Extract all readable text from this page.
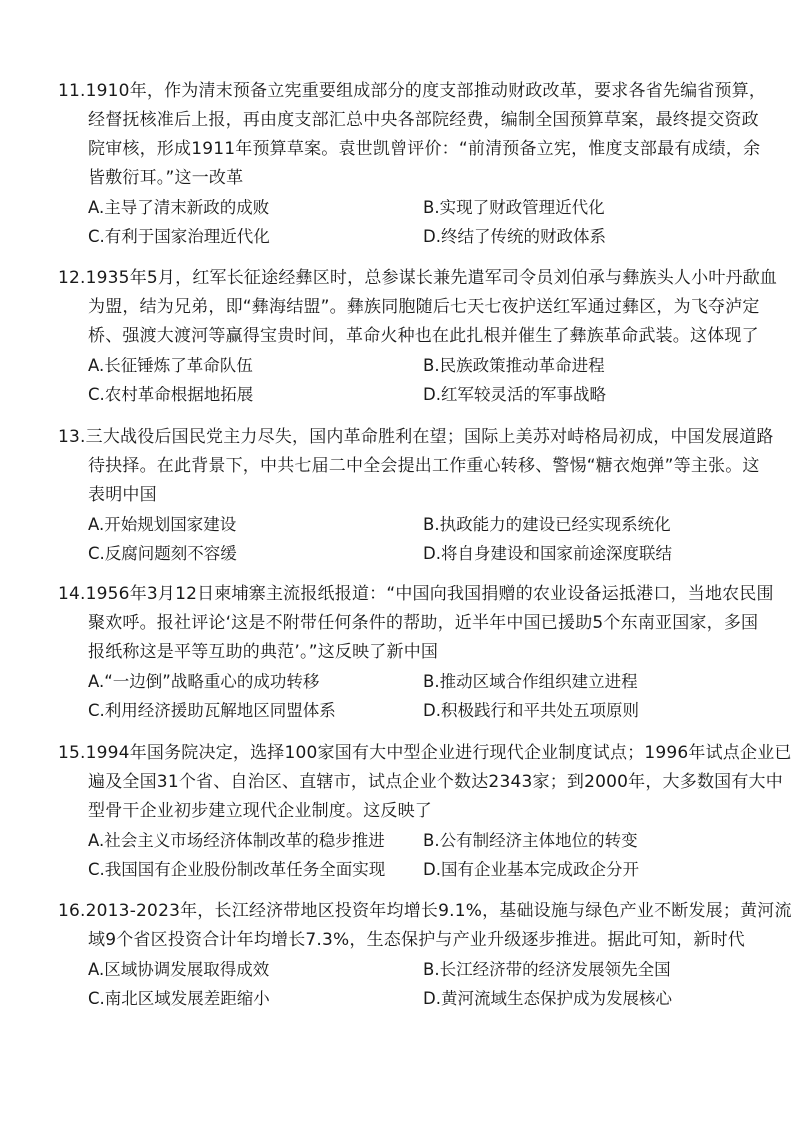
11.1910年，作为清末预备立宪重要组成部分的度支部推动财政改革，要求各省先编省预算，
经督抚核准后上报，再由度支部汇总中央各部院经费，编制全国预算草案，最终提交资政
院审核，形成1911年预算草案。袁世凯曾评价：“前清预备立宪，惟度支部最有成绩，余
皆敷衍耳。”这一改革
A.主导了清末新政的成败	B.实现了财政管理近代化
C.有利于国家治理近代化	D.终结了传统的财政体系
12.1935年5月，红军长征途经彝区时，总参谋长兼先遣军司令员刘伯承与彝族头人小叶丹歃血
为盟，结为兄弟，即“彝海结盟”。彝族同胞随后七天七夜护送红军通过彝区，为飞夺泸定
桥、强渡大渡河等赢得宝贵时间，革命火种也在此扎根并催生了彝族革命武装。这体现了
A.长征锤炼了革命队伍	B.民族政策推动革命进程
C.农村革命根据地拓展	D.红军较灵活的军事战略
13.三大战役后国民党主力尽失，国内革命胜利在望；国际上美苏对峙格局初成，中国发展道路
待抉择。在此背景下，中共七届二中全会提出工作重心转移、警惕“糖衣炮弹”等主张。这
表明中国
A.开始规划国家建设	B.执政能力的建设已经实现系统化
C.反腐问题刻不容缓	D.将自身建设和国家前途深度联结
14.1956年3月12日柬埔寨主流报纸报道：“中国向我国捐赠的农业设备运抵港口，当地农民围
聚欢呼。报社评论‘这是不附带任何条件的帮助，近半年中国已援助5个东南亚国家，多国
报纸称这是平等互助的典范’。”这反映了新中国
A.“一边倒”战略重心的成功转移	B.推动区域合作组织建立进程
C.利用经济援助瓦解地区同盟体系	D.积极践行和平共处五项原则
15.1994年国务院决定，选择100家国有大中型企业进行现代企业制度试点；1996年试点企业已
遍及全国31个省、自治区、直辖市，试点企业个数达2343家；到2000年，大多数国有大中
型骨干企业初步建立现代企业制度。这反映了
A.社会主义市场经济体制改革的稳步推进 B.公有制经济主体地位的转变
C.我国国有企业股份制改革任务全面实现 D.国有企业基本完成政企分开
16.2013-2023年，长江经济带地区投资年均增长9.1%，基础设施与绿色产业不断发展；黄河流
域9个省区投资合计年均增长7.3%，生态保护与产业升级逐步推进。据此可知，新时代
A.区域协调发展取得成效	B.长江经济带的经济发展领先全国
C.南北区域发展差距缩小	D.黄河流域生态保护成为发展核心
